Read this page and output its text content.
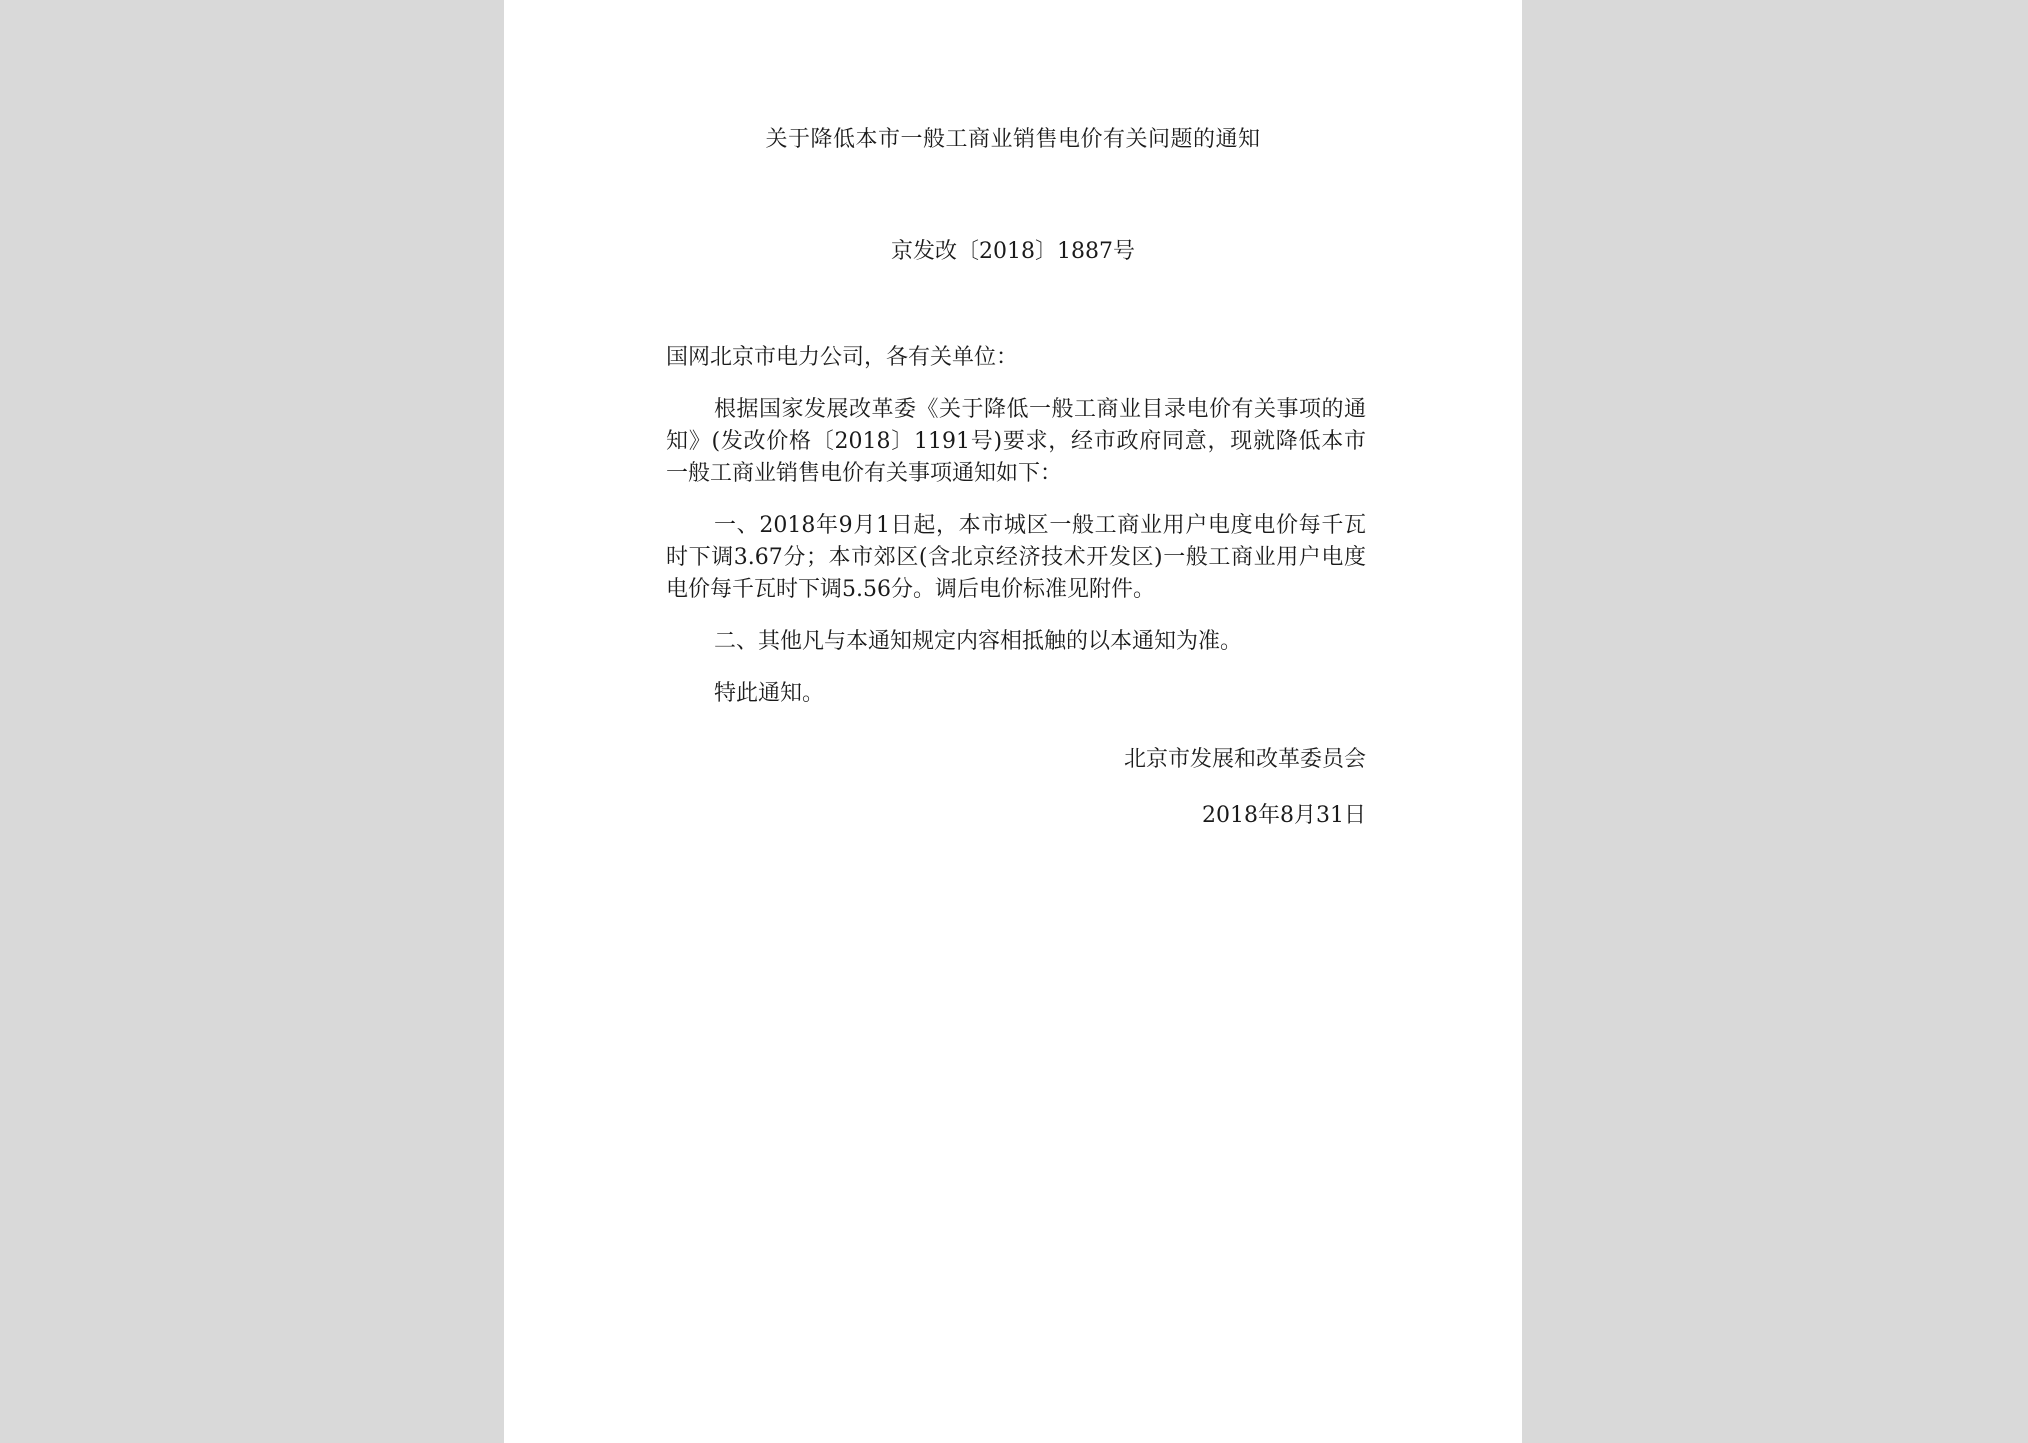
关于降低本市一般工商业销售电价有关问题的通知
京发改〔2018〕1887号

国网北京市电力公司，各有关单位：

根据国家发展改革委《关于降低一般工商业目录电价有关事项的通知》(发改价格〔2018〕1191号)要求，经市政府同意，现就降低本市一般工商业销售电价有关事项通知如下：

一、2018年9月1日起，本市城区一般工商业用户电度电价每千瓦时下调3.67分；本市郊区(含北京经济技术开发区)一般工商业用户电度电价每千瓦时下调5.56分。调后电价标准见附件。

二、其他凡与本通知规定内容相抵触的以本通知为准。

特此通知。

北京市发展和改革委员会
2018年8月31日
